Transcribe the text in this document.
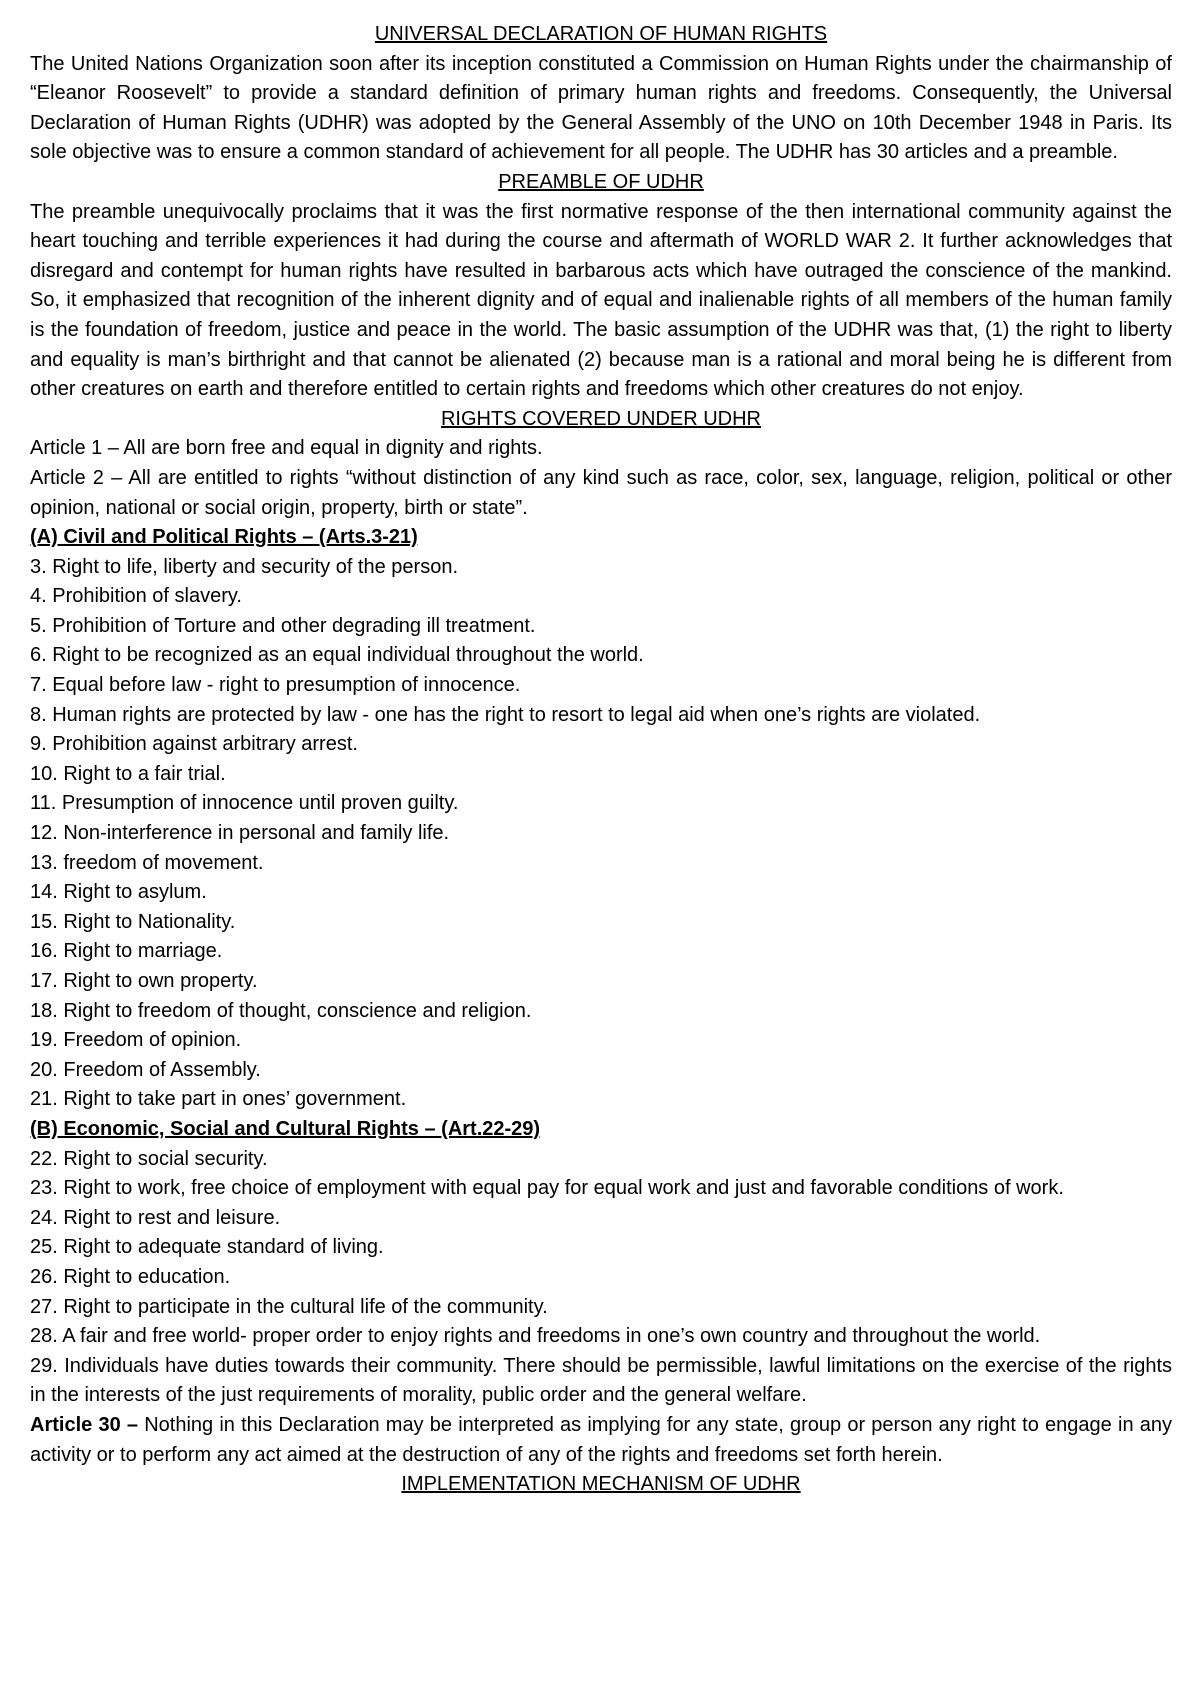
UNIVERSAL DECLARATION OF HUMAN RIGHTS

The United Nations Organization soon after its inception constituted a Commission on Human Rights under the chairmanship of “Eleanor Roosevelt” to provide a standard definition of primary human rights and freedoms. Consequently, the Universal Declaration of Human Rights (UDHR) was adopted by the General Assembly of the UNO on 10th December 1948 in Paris. Its sole objective was to ensure a common standard of achievement for all people. The UDHR has 30 articles and a preamble.

PREAMBLE OF UDHR

The preamble unequivocally proclaims that it was the first normative response of the then international community against the heart touching and terrible experiences it had during the course and aftermath of WORLD WAR 2. It further acknowledges that disregard and contempt for human rights have resulted in barbarous acts which have outraged the conscience of the mankind. So, it emphasized that recognition of the inherent dignity and of equal and inalienable rights of all members of the human family is the foundation of freedom, justice and peace in the world. The basic assumption of the UDHR was that, (1) the right to liberty and equality is man’s birthright and that cannot be alienated (2) because man is a rational and moral being he is different from other creatures on earth and therefore entitled to certain rights and freedoms which other creatures do not enjoy.

RIGHTS COVERED UNDER UDHR

Article 1 – All are born free and equal in dignity and rights.

Article 2 – All are entitled to rights “without distinction of any kind such as race, color, sex, language, religion, political or other opinion, national or social origin, property, birth or state”.

(A) Civil and Political Rights – (Arts.3-21)

3. Right to life, liberty and security of the person.

4. Prohibition of slavery.

5. Prohibition of Torture and other degrading ill treatment.

6. Right to be recognized as an equal individual throughout the world.

7. Equal before law - right to presumption of innocence.

8. Human rights are protected by law - one has the right to resort to legal aid when one’s rights are violated.

9. Prohibition against arbitrary arrest.

10. Right to a fair trial.

11. Presumption of innocence until proven guilty.

12. Non-interference in personal and family life.

13. freedom of movement.

14. Right to asylum.

15. Right to Nationality.

16. Right to marriage.

17. Right to own property.

18. Right to freedom of thought, conscience and religion.

19. Freedom of opinion.

20. Freedom of Assembly.

21. Right to take part in ones’ government.

(B) Economic, Social and Cultural Rights – (Art.22-29)

22. Right to social security.

23. Right to work, free choice of employment with equal pay for equal work and just and favorable conditions of work.

24. Right to rest and leisure.

25. Right to adequate standard of living.

26. Right to education.

27. Right to participate in the cultural life of the community.

28. A fair and free world- proper order to enjoy rights and freedoms in one’s own country and throughout the world.

29. Individuals have duties towards their community. There should be permissible, lawful limitations on the exercise of the rights in the interests of the just requirements of morality, public order and the general welfare.

Article 30 – Nothing in this Declaration may be interpreted as implying for any state, group or person any right to engage in any activity or to perform any act aimed at the destruction of any of the rights and freedoms set forth herein.

IMPLEMENTATION MECHANISM OF UDHR
